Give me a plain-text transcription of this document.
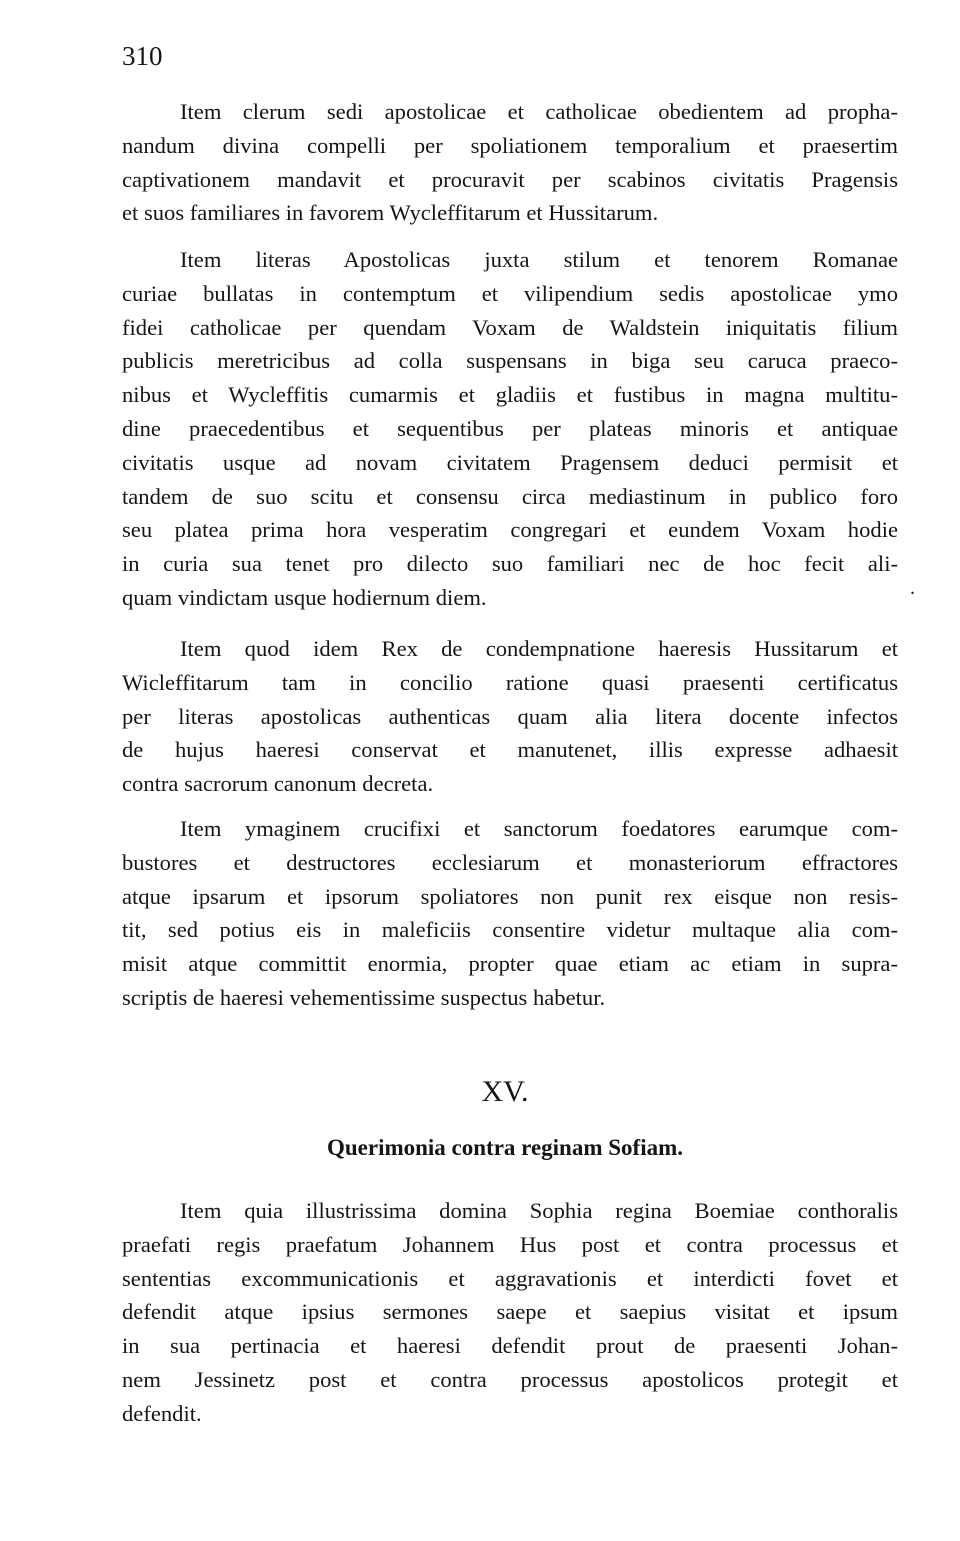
310
Item clerum sedi apostolicae et catholicae obedientem ad propha-
nandum divina compelli per spoliationem temporalium et praesertim
captivationem mandavit et procuravit per scabinos civitatis Pragensis
et suos familiares in favorem Wycleffitarum et Hussitarum.
Item literas Apostolicas juxta stilum et tenorem Romanae
curiae bullatas in contemptum et vilipendium sedis apostolicae ymo
fidei catholicae per quendam Voxam de Waldstein iniquitatis filium
publicis meretricibus ad colla suspensans in biga seu caruca praeco-
nibus et Wycleffitis cumarmis et gladiis et fustibus in magna multitu-
dine praecedentibus et sequentibus per plateas minoris et antiquae
civitatis usque ad novam civitatem Pragensem deduci permisit et
tandem de suo scitu et consensu circa mediastinum in publico foro
seu platea prima hora vesperatim congregari et eundem Voxam hodie
in curia sua tenet pro dilecto suo familiari nec de hoc fecit ali-
quam vindictam usque hodiernum diem.	.
Item quod idem Rex de condempnatione haeresis Hussitarum et
Wicleffitarum tam in concilio ratione quasi praesenti certificatus
per literas apostolicas authenticas quam alia litera docente infectos
de hujus haeresi conservat et manutenet, illis expresse adhaesit
contra sacrorum canonum decreta.
Item ymaginem crucifixi et sanctorum foedatores earumque com-
bustores et destructores ecclesiarum et monasteriorum effractores
atque ipsarum et ipsorum spoliatores non punit rex eisque non resis-
tit, sed potius eis in maleficiis consentire videtur multaque alia com-
misit atque committit enormia, propter quae etiam ac etiam in supra-
scriptis de haeresi vehementissime suspectus habetur.
XV.
Querimonia contra reginam Sofiam.
Item quia illustrissima domina Sophia regina Boemiae conthoralis
praefati regis praefatum Johannem Hus post et contra processus et
sententias excommunicationis et aggravationis et interdicti fovet et
defendit atque ipsius sermones saepe et saepius visitat et ipsum
in sua pertinacia et haeresi defendit prout de praesenti Johan-
nem Jessinetz post et contra processus apostolicos protegit et
defendit.
